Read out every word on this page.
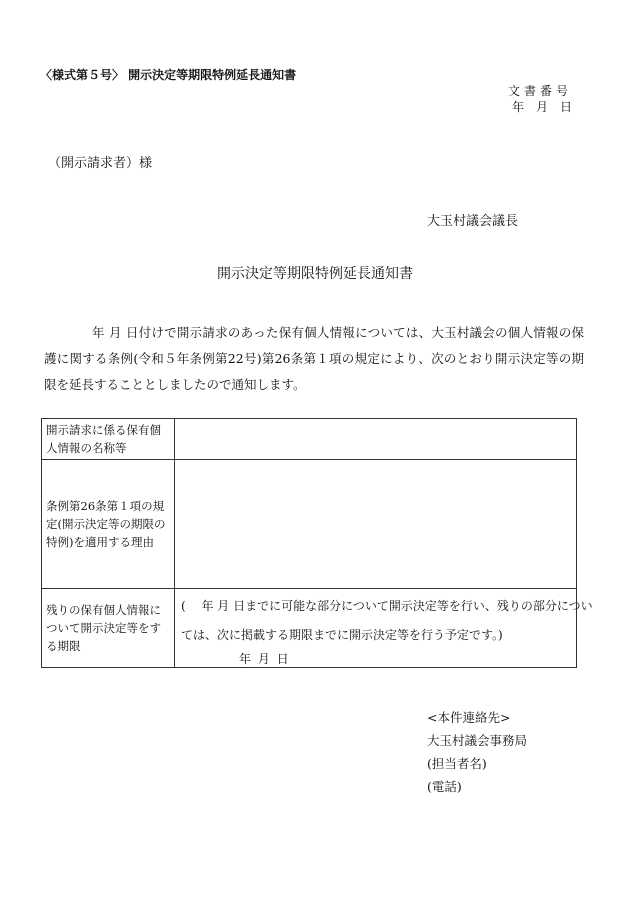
〈様式第５号〉 開示決定等期限特例延長通知書
文書番号
年　月　日
（開示請求者）様
大玉村議会議長
開示決定等期限特例延長通知書
年 月 日付けで開示請求のあった保有個人情報については、大玉村議会の個人情報の保護に関する条例(令和５年条例第22号)第26条第１項の規定により、次のとおり開示決定等の期限を延長することとしましたので通知します。
開示請求に係る保有個人情報の名称等	
条例第26条第１項の規定(開示決定等の期限の特例)を適用する理由	
残りの保有個人情報について開示決定等をする期限	(　 年 月 日までに可能な部分について開示決定等を行い、残りの部分につい
ては、次に掲載する期限までに開示決定等を行う予定です。)
年 月 日
<本件連絡先>
大玉村議会事務局
(担当者名)
(電話)
